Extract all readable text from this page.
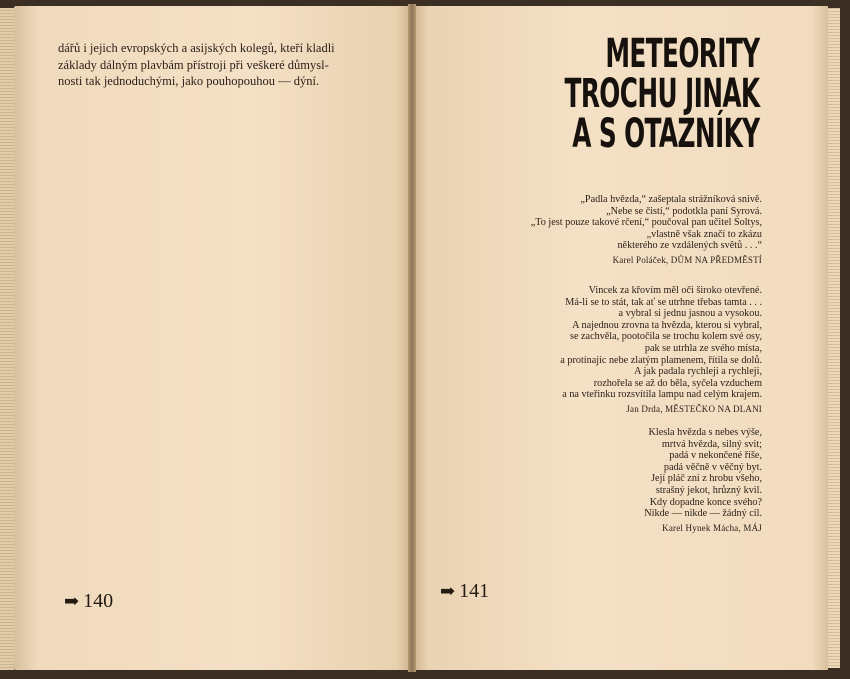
dářů i jejich evropských a asijských kolegů, kteří kladli
základy dálným plavbám přístroji při veškeré důmysl-
nosti tak jednoduchými, jako pouhopouhou — dýní.
➡ 140
METEORITY
TROCHU JINAK
A S OTAZNÍKY
„Padla hvězda,“ zašeptala strážníková snivě.
„Nebe se čistí,“ podotkla paní Syrová.
„To jest pouze takové rčení,“ poučoval pan učitel Soltys,
„vlastně však značí to zkázu
některého ze vzdálených světů . . .“
Karel Poláček, DŮM NA PŘEDMĚSTÍ
Vincek za křovím měl oči široko otevřené.
Má-li se to stát, tak ať se utrhne třebas tamta . . .
a vybral si jednu jasnou a vysokou.
A najednou zrovna ta hvězda, kterou si vybral,
se zachvěla, pootočila se trochu kolem své osy,
pak se utrhla ze svého místa,
a protínajíc nebe zlatým plamenem, řítila se dolů.
A jak padala rychleji a rychleji,
rozhořela se až do běla, syčela vzduchem
a na vteřinku rozsvítila lampu nad celým krajem.
Jan Drda, MĚSTEČKO NA DLANI
Klesla hvězda s nebes výše,
mrtvá hvězda, silný svit;
padá v nekončené říše,
padá věčně v věčný byt.
Její pláč zní z hrobu všeho,
strašný jekot, hrůzný kvil.
Kdy dopadne konce svého?
Nikde — nikde — žádný cíl.
Karel Hynek Mácha, MÁJ
➡ 141
